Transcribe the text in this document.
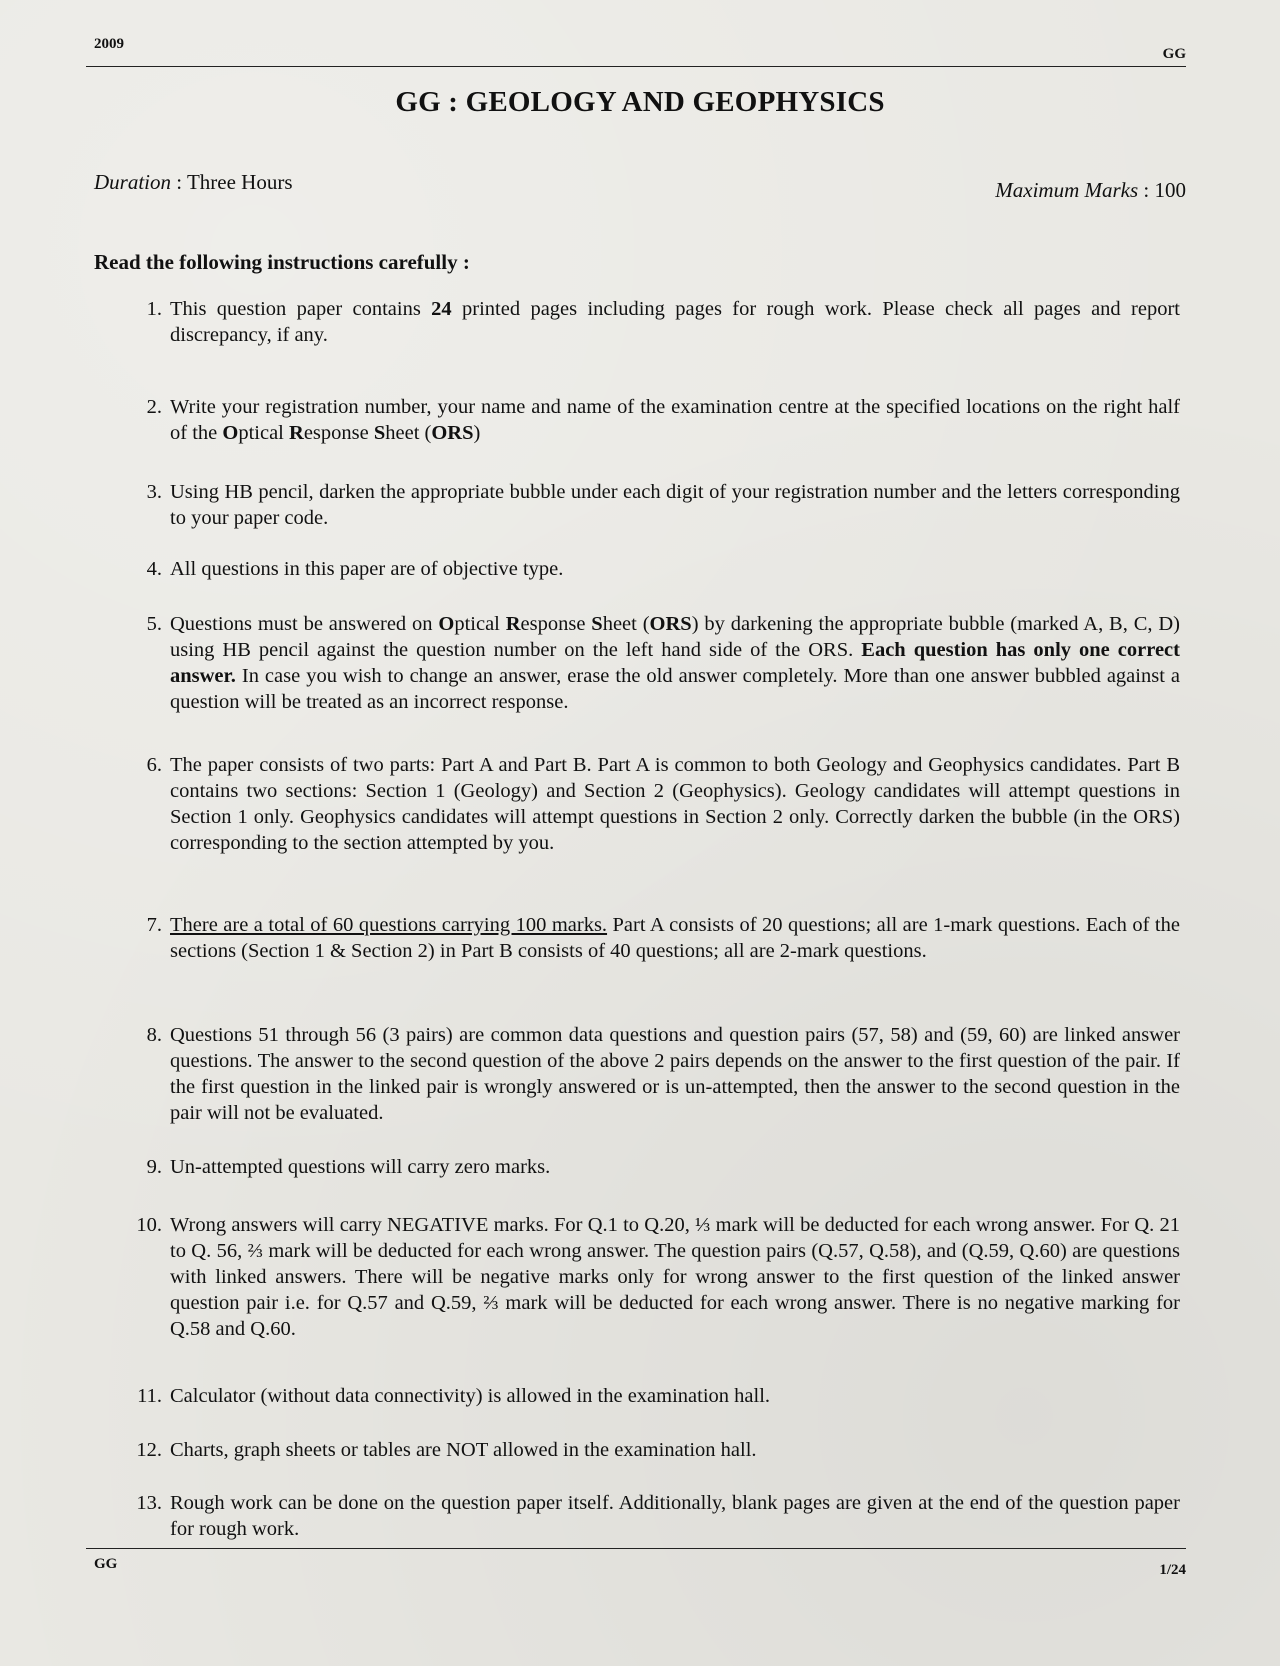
2009
GG
GG : GEOLOGY AND GEOPHYSICS
Duration : Three Hours	Maximum Marks : 100
Read the following instructions carefully :
1. This question paper contains 24 printed pages including pages for rough work. Please check all pages and report discrepancy, if any.
2. Write your registration number, your name and name of the examination centre at the specified locations on the right half of the Optical Response Sheet (ORS)
3. Using HB pencil, darken the appropriate bubble under each digit of your registration number and the letters corresponding to your paper code.
4. All questions in this paper are of objective type.
5. Questions must be answered on Optical Response Sheet (ORS) by darkening the appropriate bubble (marked A, B, C, D) using HB pencil against the question number on the left hand side of the ORS. Each question has only one correct answer. In case you wish to change an answer, erase the old answer completely. More than one answer bubbled against a question will be treated as an incorrect response.
6. The paper consists of two parts: Part A and Part B. Part A is common to both Geology and Geophysics candidates. Part B contains two sections: Section 1 (Geology) and Section 2 (Geophysics). Geology candidates will attempt questions in Section 1 only. Geophysics candidates will attempt questions in Section 2 only. Correctly darken the bubble (in the ORS) corresponding to the section attempted by you.
7. There are a total of 60 questions carrying 100 marks. Part A consists of 20 questions; all are 1-mark questions. Each of the sections (Section 1 & Section 2) in Part B consists of 40 questions; all are 2-mark questions.
8. Questions 51 through 56 (3 pairs) are common data questions and question pairs (57, 58) and (59, 60) are linked answer questions. The answer to the second question of the above 2 pairs depends on the answer to the first question of the pair. If the first question in the linked pair is wrongly answered or is un-attempted, then the answer to the second question in the pair will not be evaluated.
9. Un-attempted questions will carry zero marks.
10. Wrong answers will carry NEGATIVE marks. For Q.1 to Q.20, ⅓ mark will be deducted for each wrong answer. For Q. 21 to Q. 56, ⅔ mark will be deducted for each wrong answer. The question pairs (Q.57, Q.58), and (Q.59, Q.60) are questions with linked answers. There will be negative marks only for wrong answer to the first question of the linked answer question pair i.e. for Q.57 and Q.59, ⅔ mark will be deducted for each wrong answer. There is no negative marking for Q.58 and Q.60.
11. Calculator (without data connectivity) is allowed in the examination hall.
12. Charts, graph sheets or tables are NOT allowed in the examination hall.
13. Rough work can be done on the question paper itself. Additionally, blank pages are given at the end of the question paper for rough work.
GG	1/24
